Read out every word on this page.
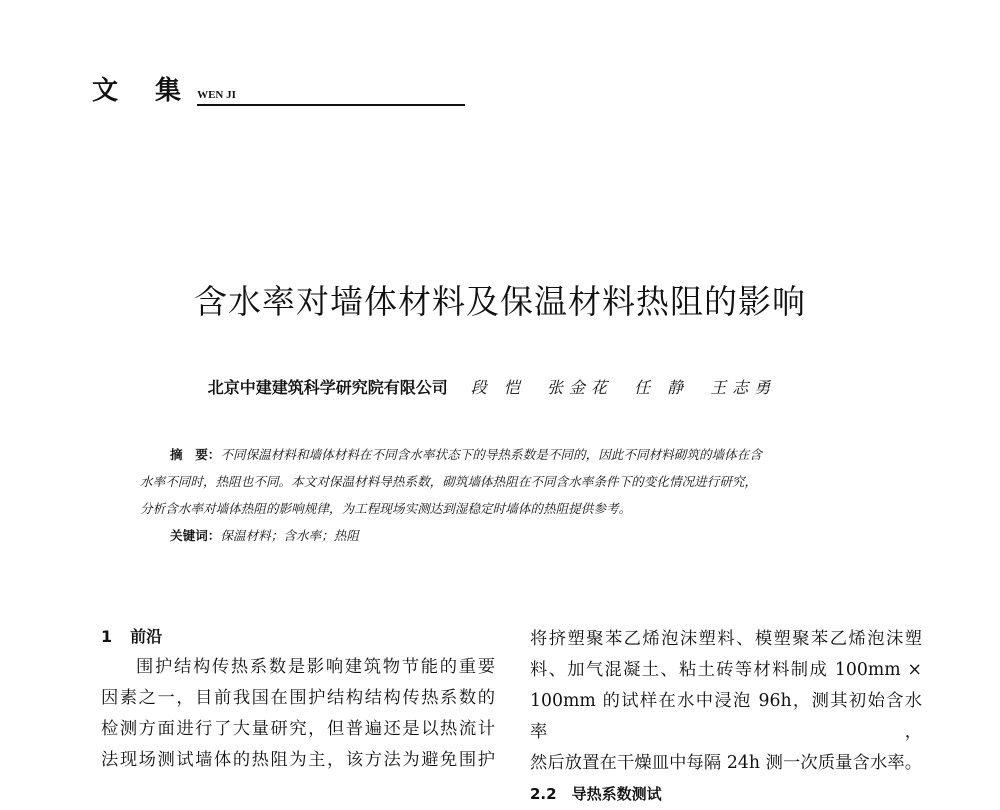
文 集 WEN JI
含水率对墙体材料及保温材料热阻的影响
北京中建建筑科学研究院有限公司 段 恺 张金花 任 静 王志勇

摘　要：不同保温材料和墙体材料在不同含水率状态下的导热系数是不同的，因此不同材料砌筑的墙体在含

水率不同时，热阻也不同。本文对保温材料导热系数，砌筑墙体热阻在不同含水率条件下的变化情况进行研究，

分析含水率对墙体热阻的影响规律，为工程现场实测达到湿稳定时墙体的热阻提供参考。

关键词：保温材料；含水率；热阻

1 前沿

围护结构传热系数是影响建筑物节能的重要

因素之一，目前我国在围护结构结构传热系数的

检测方面进行了大量研究，但普遍还是以热流计

法现场测试墙体的热阻为主，该方法为避免围护

将挤塑聚苯乙烯泡沫塑料、模塑聚苯乙烯泡沫塑

料、加气混凝土、粘土砖等材料制成 100mm ×

100mm 的试样在水中浸泡 96h，测其初始含水率，

然后放置在干燥皿中每隔 24h 测一次质量含水率。

2.2　导热系数测试
